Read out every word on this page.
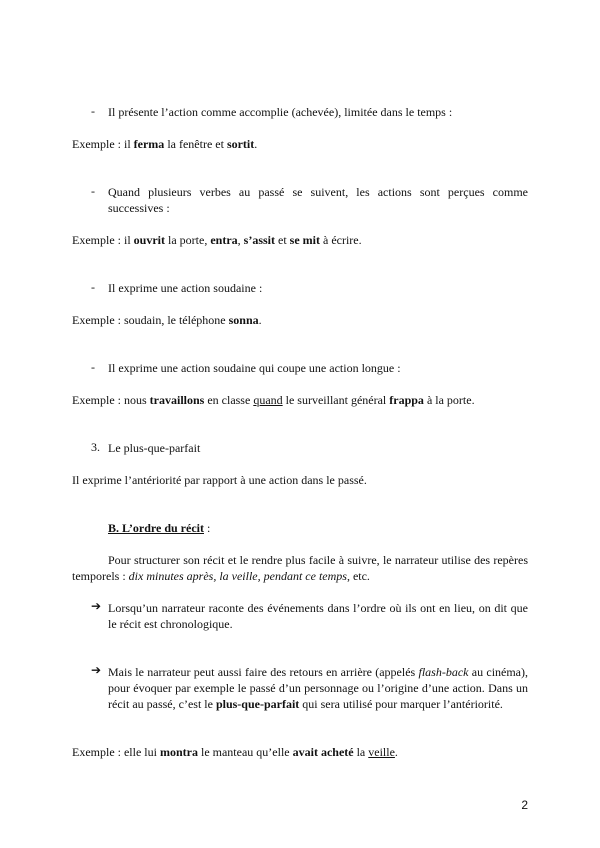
-	Il présente l’action comme accomplie (achevée), limitée dans le temps :
Exemple : il ferma la fenêtre et sortit.
-	Quand plusieurs verbes au passé se suivent, les actions sont perçues comme successives :
Exemple : il ouvrit la porte, entra, s’assit et se mit à écrire.
-	Il exprime une action soudaine :
Exemple : soudain, le téléphone sonna.
-	Il exprime une action soudaine qui coupe une action longue :
Exemple : nous travaillons en classe quand le surveillant général frappa à la porte.
3. Le plus-que-parfait
Il exprime l’antériorité par rapport à une action dans le passé.
B. L’ordre du récit :
Pour structurer son récit et le rendre plus facile à suivre, le narrateur utilise des repères temporels : dix minutes après, la veille, pendant ce temps, etc.
➔ Lorsqu’un narrateur raconte des événements dans l’ordre où ils ont en lieu, on dit que le récit est chronologique.
➔ Mais le narrateur peut aussi faire des retours en arrière (appelés flash-back au cinéma), pour évoquer par exemple le passé d’un personnage ou l’origine d’une action. Dans un récit au passé, c’est le plus-que-parfait qui sera utilisé pour marquer l’antériorité.
Exemple : elle lui montra le manteau qu’elle avait acheté la veille.
2
